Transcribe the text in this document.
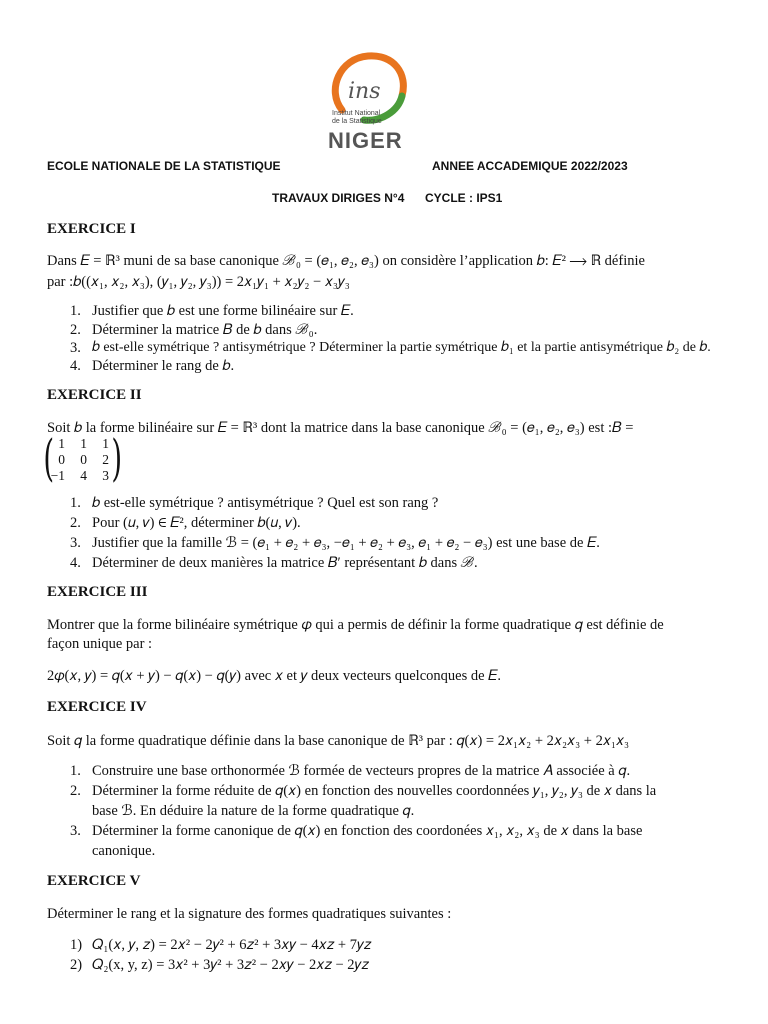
ins
Institut National
de la Statistique
NIGER
ECOLE NATIONALE DE LA STATISTIQUE	ANNEE ACCADEMIQUE 2022/2023
TRAVAUX DIRIGES N°4 CYCLE : IPS1
EXERCICE I
Dans 𝐸 = ℝ³ muni de sa base canonique ℬ₀ = (𝑒₁, 𝑒₂, 𝑒₃) on considère l’application 𝑏: 𝐸² ⟶ ℝ définie
par :𝑏((𝑥₁, 𝑥₂, 𝑥₃), (𝑦₁, 𝑦₂, 𝑦₃)) = 2𝑥₁𝑦₁ + 𝑥₂𝑦₂ − 𝑥₃𝑦₃
1. Justifier que 𝑏 est une forme bilinéaire sur 𝐸.
2. Déterminer la matrice 𝐵 de 𝑏 dans ℬ₀.
3. 𝑏 est-elle symétrique ? antisymétrique ? Déterminer la partie symétrique 𝑏₁ et la partie antisymétrique 𝑏₂ de 𝑏.
4. Déterminer le rang de 𝑏.
EXERCICE II
Soit 𝑏 la forme bilinéaire sur 𝐸 = ℝ³ dont la matrice dans la base canonique ℬ₀ = (𝑒₁, 𝑒₂, 𝑒₃) est :𝐵 =
( 1	1	1
0	0	2
−1	4	3 )
1. 𝑏 est-elle symétrique ? antisymétrique ? Quel est son rang ?
2. Pour (𝑢, 𝑣) ∈ 𝐸², déterminer 𝑏(𝑢, 𝑣).
3. Justifier que la famille ℬ = (𝑒₁ + 𝑒₂ + 𝑒₃, −𝑒₁ + 𝑒₂ + 𝑒₃, 𝑒₁ + 𝑒₂ − 𝑒₃) est une base de 𝐸.
4. Déterminer de deux manières la matrice 𝐵′ représentant 𝑏 dans ℬ.
EXERCICE III
Montrer que la forme bilinéaire symétrique 𝜑 qui a permis de définir la forme quadratique 𝑞 est définie de
façon unique par :
2𝜑(𝑥, 𝑦) = 𝑞(𝑥 + 𝑦) − 𝑞(𝑥) − 𝑞(𝑦) avec 𝑥 et 𝑦 deux vecteurs quelconques de 𝐸.
EXERCICE IV
Soit 𝑞 la forme quadratique définie dans la base canonique de ℝ³ par : 𝑞(𝑥) = 2𝑥₁𝑥₂ + 2𝑥₂𝑥₃ + 2𝑥₁𝑥₃
1. Construire une base orthonormée ℬ formée de vecteurs propres de la matrice 𝐴 associée à 𝑞.
2. Déterminer la forme réduite de 𝑞(𝑥) en fonction des nouvelles coordonnées 𝑦₁, 𝑦₂, 𝑦₃ de 𝑥 dans la
base ℬ. En déduire la nature de la forme quadratique 𝑞.
3. Déterminer la forme canonique de 𝑞(𝑥) en fonction des coordonées 𝑥₁, 𝑥₂, 𝑥₃ de 𝑥 dans la base
canonique.
EXERCICE V
Déterminer le rang et la signature des formes quadratiques suivantes :
1) 𝑄₁(𝑥, 𝑦, 𝑧) = 2𝑥² − 2𝑦² + 6𝑧² + 3𝑥𝑦 − 4𝑥𝑧 + 7𝑦𝑧
2) 𝑄₂(x, y, z) = 3𝑥² + 3𝑦² + 3𝑧² − 2𝑥𝑦 − 2𝑥𝑧 − 2𝑦𝑧
